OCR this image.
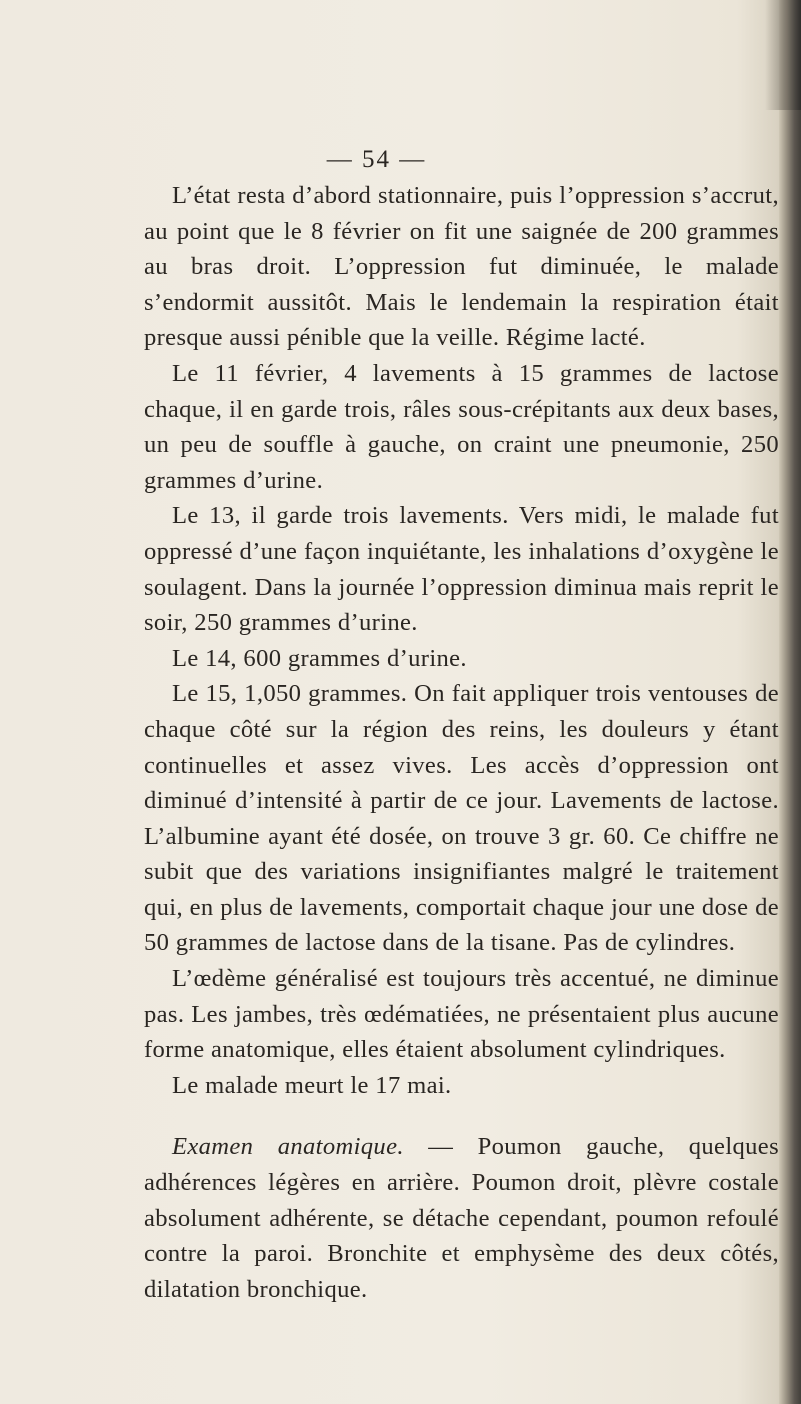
— 54 —

L’état resta d’abord stationnaire, puis l’oppression s’accrut, au point que le 8 février on fit une saignée de 200 grammes au bras droit. L’oppression fut diminuée, le malade s’endormit aussitôt. Mais le lendemain la respiration était presque aussi pénible que la veille. Régime lacté.

Le 11 février, 4 lavements à 15 grammes de lactose chaque, il en garde trois, râles sous-crépitants aux deux bases, un peu de souffle à gauche, on craint une pneumonie, 250 grammes d’urine.

Le 13, il garde trois lavements. Vers midi, le malade fut oppressé d’une façon inquiétante, les inhalations d’oxygène le soulagent. Dans la journée l’oppression diminua mais reprit le soir, 250 grammes d’urine.

Le 14, 600 grammes d’urine.

Le 15, 1,050 grammes. On fait appliquer trois ventouses de chaque côté sur la région des reins, les douleurs y étant continuelles et assez vives. Les accès d’oppression ont diminué d’intensité à partir de ce jour. Lavements de lactose. L’albumine ayant été dosée, on trouve 3 gr. 60. Ce chiffre ne subit que des variations insignifiantes malgré le traitement qui, en plus de lavements, comportait chaque jour une dose de 50 grammes de lactose dans de la tisane. Pas de cylindres.

L’œdème généralisé est toujours très accentué, ne diminue pas. Les jambes, très œdématiées, ne présentaient plus aucune forme anatomique, elles étaient absolument cylindriques.

Le malade meurt le 17 mai.

Examen anatomique. — Poumon gauche, quelques adhérences légères en arrière. Poumon droit, plèvre costale absolument adhérente, se détache cependant, poumon refoulé contre la paroi. Bronchite et emphysème des deux côtés, dilatation bronchique.
